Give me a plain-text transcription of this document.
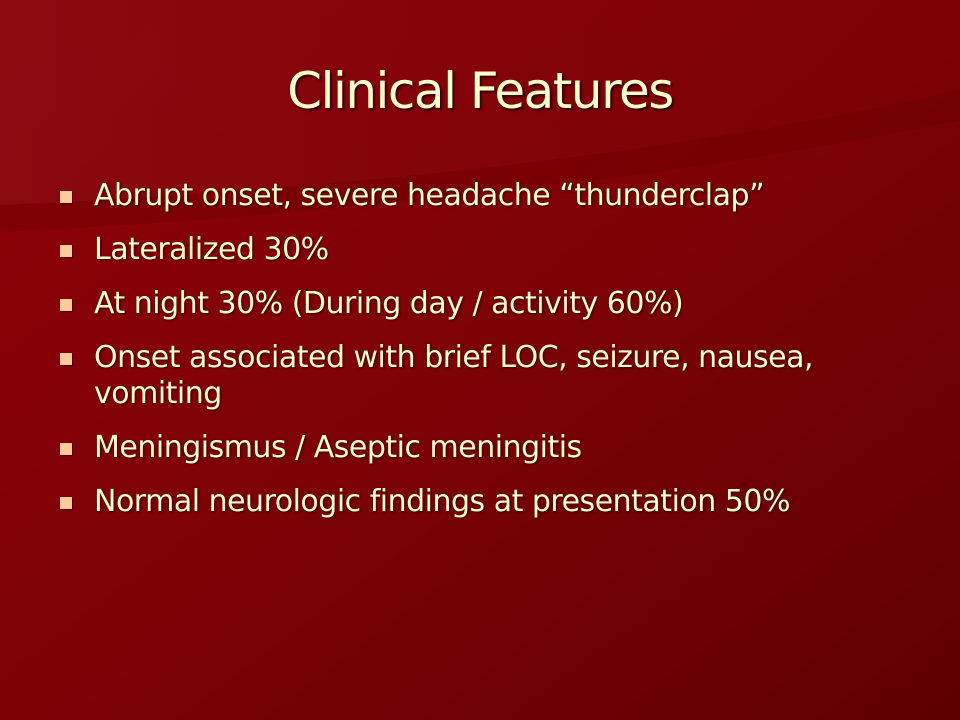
Clinical Features
Abrupt onset, severe headache “thunderclap”
Lateralized 30%
At night 30% (During day / activity 60%)
Onset associated with brief LOC, seizure, nausea, vomiting
Meningismus / Aseptic meningitis
Normal neurologic findings at presentation 50%
